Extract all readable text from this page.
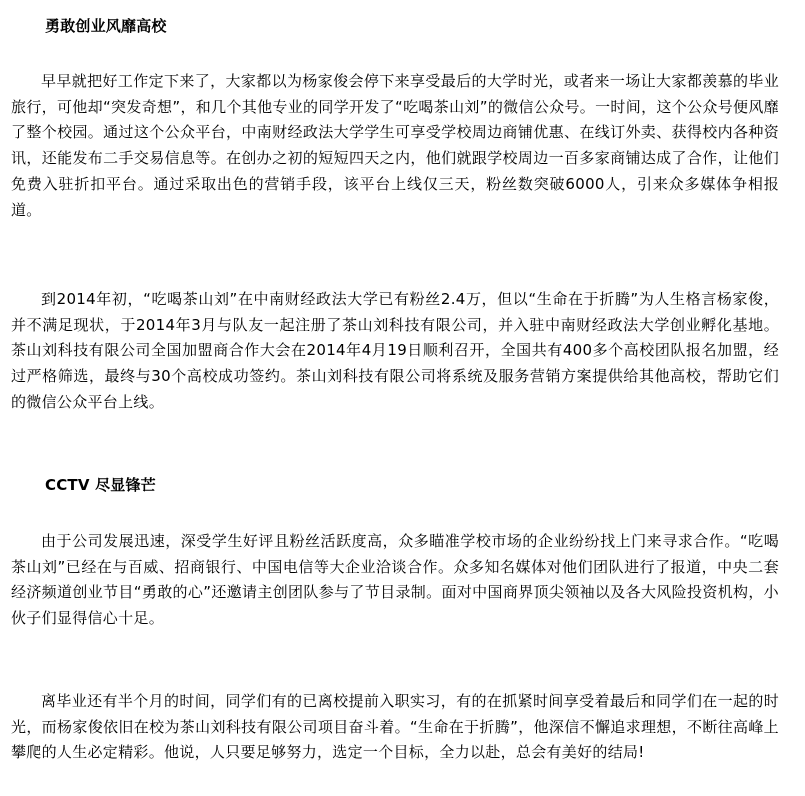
勇敢创业风靡高校

早早就把好工作定下来了，大家都以为杨家俊会停下来享受最后的大学时光，或者来一场让大家都羡慕的毕业旅行，可他却“突发奇想”，和几个其他专业的同学开发了“吃喝茶山刘”的微信公众号。一时间，这个公众号便风靡了整个校园。通过这个公众平台，中南财经政法大学学生可享受学校周边商铺优惠、在线订外卖、获得校内各种资讯，还能发布二手交易信息等。在创办之初的短短四天之内，他们就跟学校周边一百多家商铺达成了合作，让他们免费入驻折扣平台。通过采取出色的营销手段，该平台上线仅三天，粉丝数突破6000人，引来众多媒体争相报道。

到2014年初，“吃喝茶山刘”在中南财经政法大学已有粉丝2.4万，但以“生命在于折腾”为人生格言杨家俊，并不满足现状，于2014年3月与队友一起注册了茶山刘科技有限公司，并入驻中南财经政法大学创业孵化基地。茶山刘科技有限公司全国加盟商合作大会在2014年4月19日顺利召开，全国共有400多个高校团队报名加盟，经过严格筛选，最终与30个高校成功签约。茶山刘科技有限公司将系统及服务营销方案提供给其他高校，帮助它们的微信公众平台上线。

CCTV 尽显锋芒

由于公司发展迅速，深受学生好评且粉丝活跃度高，众多瞄准学校市场的企业纷纷找上门来寻求合作。“吃喝茶山刘”已经在与百威、招商银行、中国电信等大企业洽谈合作。众多知名媒体对他们团队进行了报道，中央二套经济频道创业节目“勇敢的心”还邀请主创团队参与了节目录制。面对中国商界顶尖领袖以及各大风险投资机构，小伙子们显得信心十足。

离毕业还有半个月的时间，同学们有的已离校提前入职实习，有的在抓紧时间享受着最后和同学们在一起的时光，而杨家俊依旧在校为茶山刘科技有限公司项目奋斗着。“生命在于折腾”，他深信不懈追求理想，不断往高峰上攀爬的人生必定精彩。他说，人只要足够努力，选定一个目标，全力以赴，总会有美好的结局!
